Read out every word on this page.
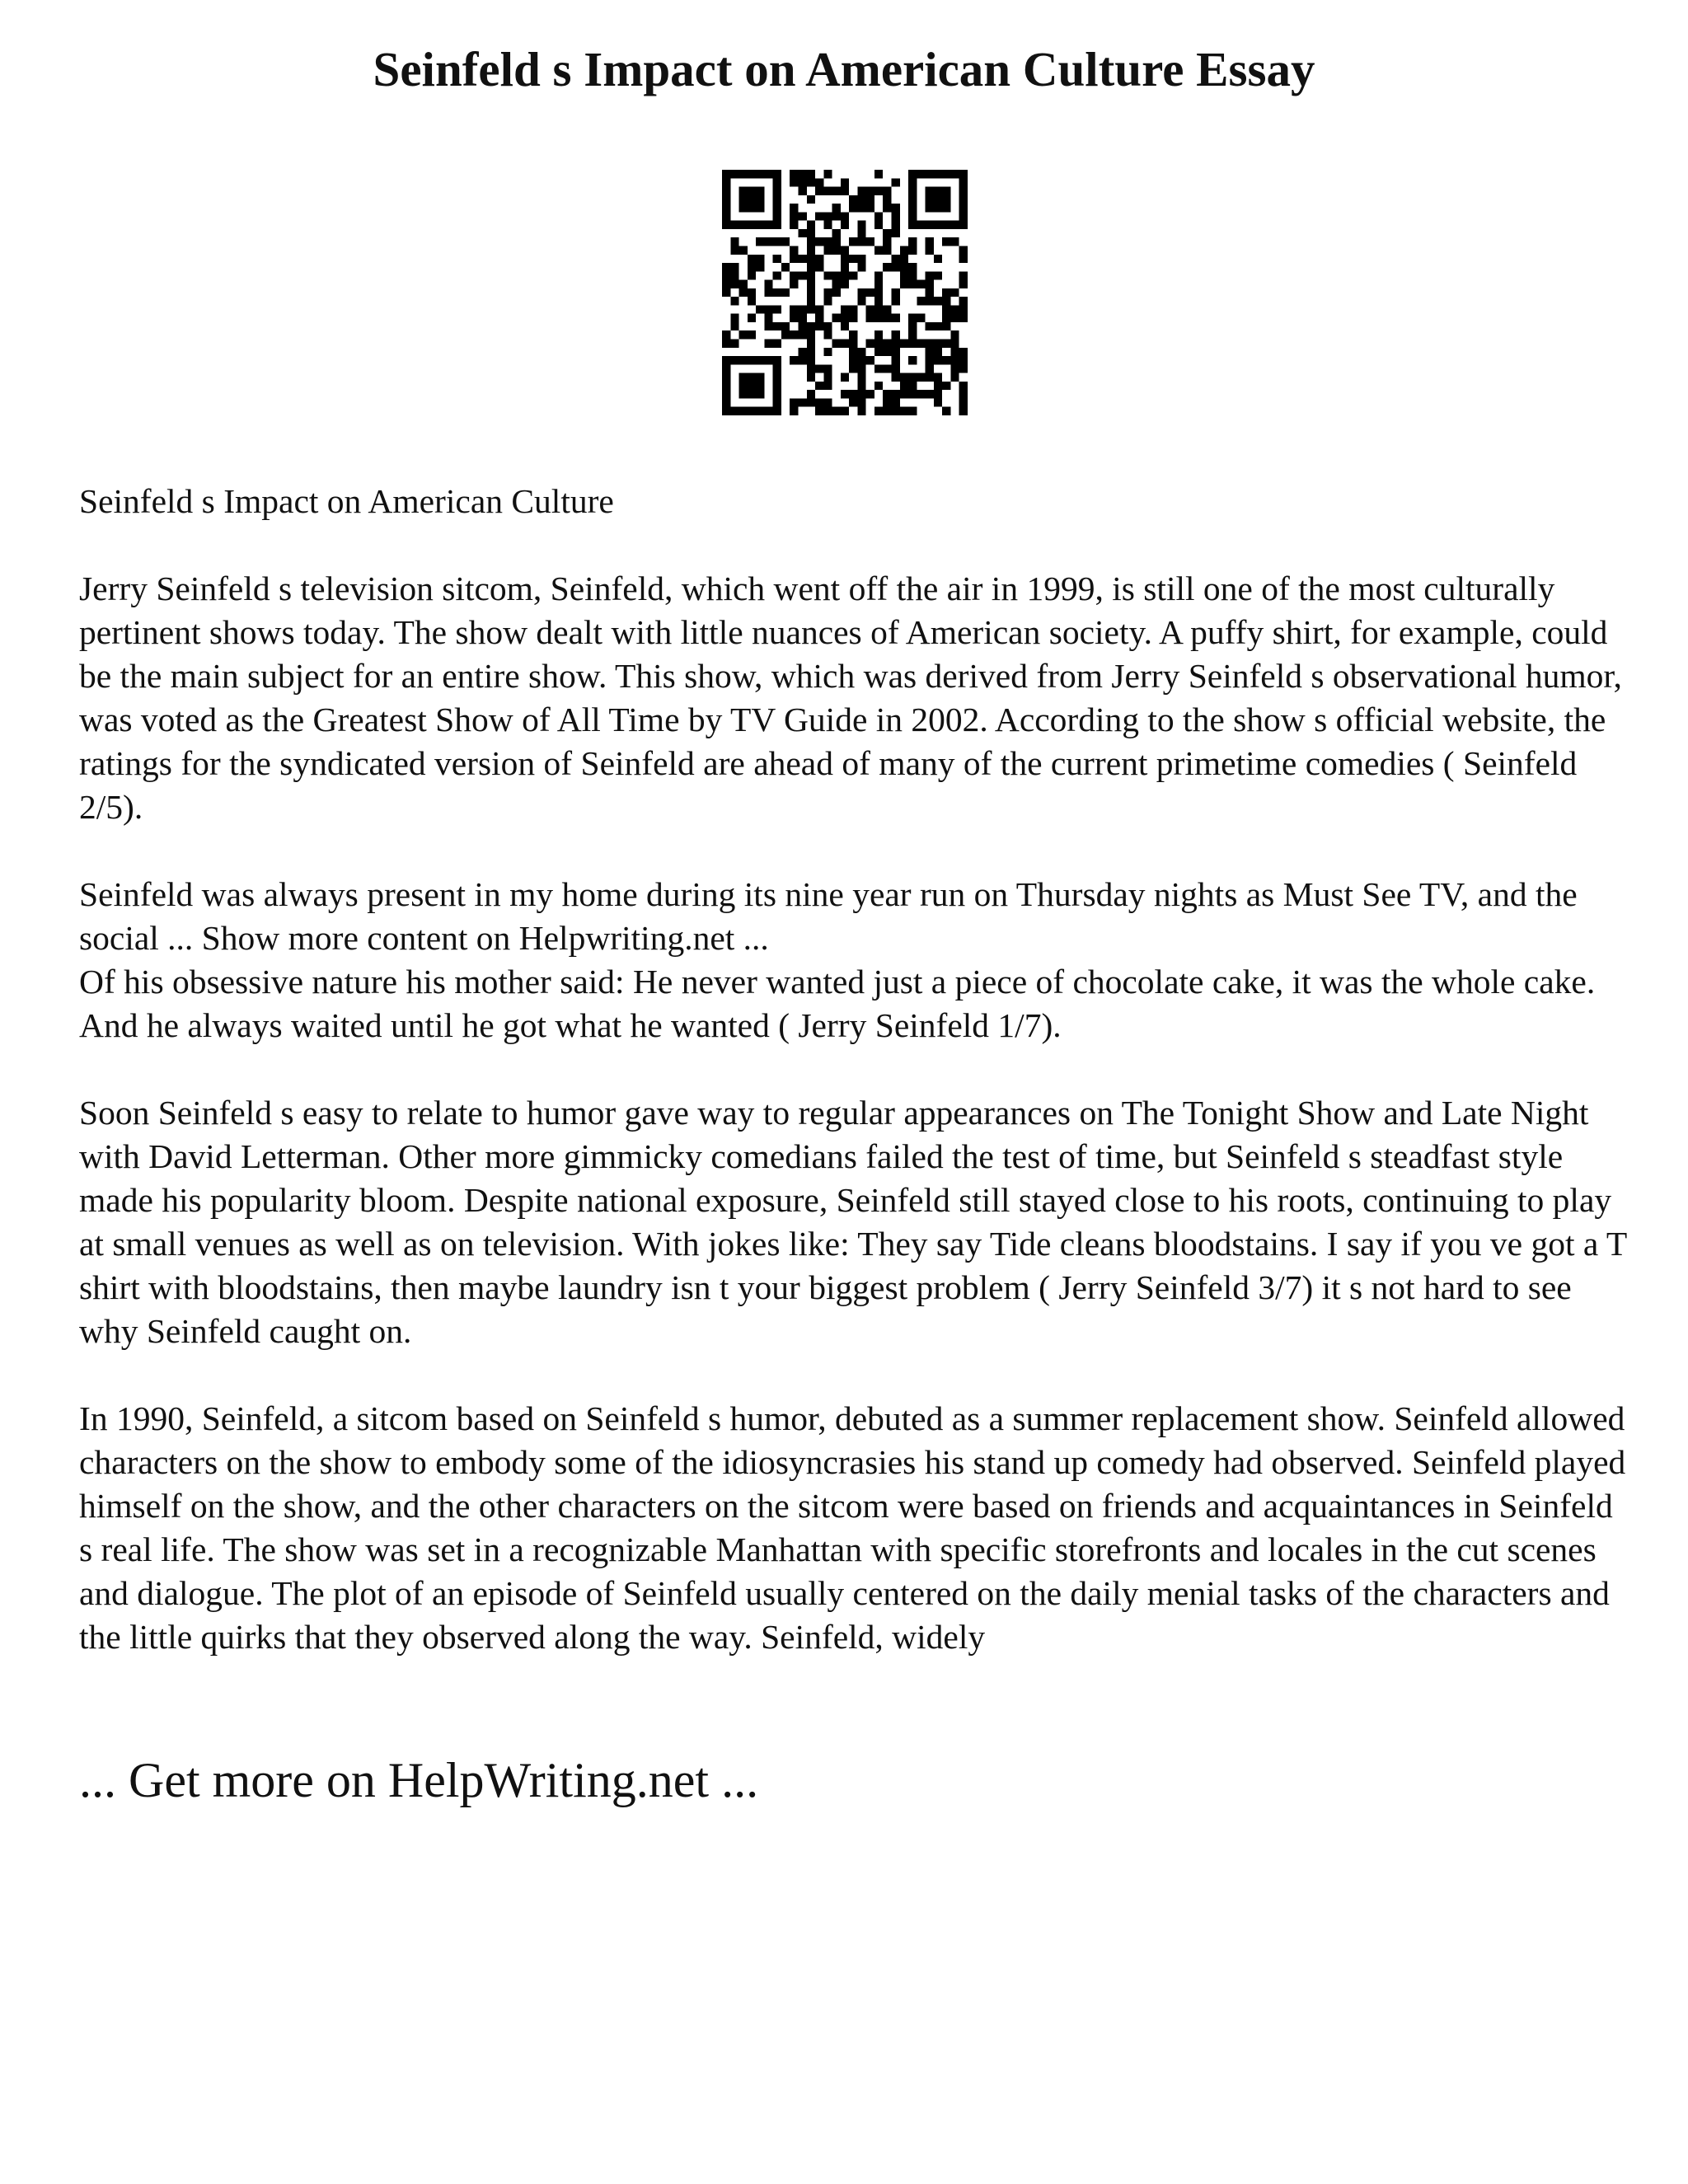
Seinfeld s Impact on American Culture Essay

Seinfeld s Impact on American Culture

Jerry Seinfeld s television sitcom, Seinfeld, which went off the air in 1999, is still one of the most culturally pertinent shows today. The show dealt with little nuances of American society. A puffy shirt, for example, could be the main subject for an entire show. This show, which was derived from Jerry Seinfeld s observational humor, was voted as the Greatest Show of All Time by TV Guide in 2002. According to the show s official website, the ratings for the syndicated version of Seinfeld are ahead of many of the current primetime comedies ( Seinfeld 2/5).

Seinfeld was always present in my home during its nine year run on Thursday nights as Must See TV, and the social ... Show more content on Helpwriting.net ...

Of his obsessive nature his mother said: He never wanted just a piece of chocolate cake, it was the whole cake. And he always waited until he got what he wanted ( Jerry Seinfeld 1/7).

Soon Seinfeld s easy to relate to humor gave way to regular appearances on The Tonight Show and Late Night with David Letterman. Other more gimmicky comedians failed the test of time, but Seinfeld s steadfast style made his popularity bloom. Despite national exposure, Seinfeld still stayed close to his roots, continuing to play at small venues as well as on television. With jokes like: They say Tide cleans bloodstains. I say if you ve got a T shirt with bloodstains, then maybe laundry isn t your biggest problem ( Jerry Seinfeld 3/7) it s not hard to see why Seinfeld caught on.

In 1990, Seinfeld, a sitcom based on Seinfeld s humor, debuted as a summer replacement show. Seinfeld allowed characters on the show to embody some of the idiosyncrasies his stand up comedy had observed. Seinfeld played himself on the show, and the other characters on the sitcom were based on friends and acquaintances in Seinfeld s real life. The show was set in a recognizable Manhattan with specific storefronts and locales in the cut scenes and dialogue. The plot of an episode of Seinfeld usually centered on the daily menial tasks of the characters and the little quirks that they observed along the way. Seinfeld, widely

... Get more on HelpWriting.net ...
